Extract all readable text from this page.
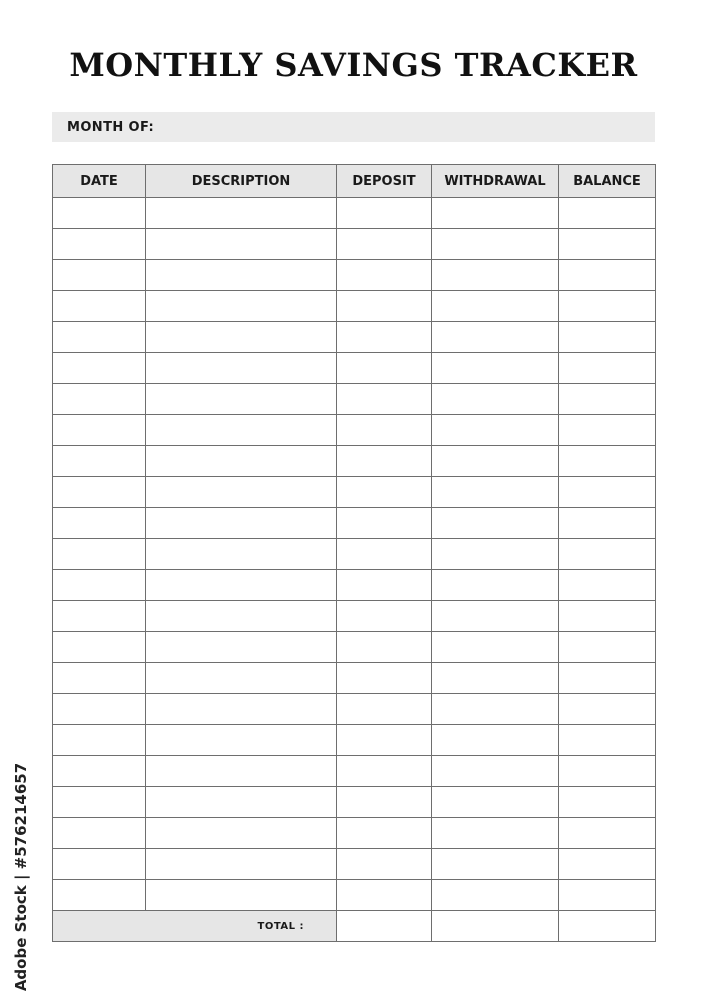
MONTHLY SAVINGS TRACKER
MONTH OF:
DATE	DESCRIPTION	DEPOSIT	WITHDRAWAL	BALANCE

TOTAL :				
Adobe Stock | #576214657
